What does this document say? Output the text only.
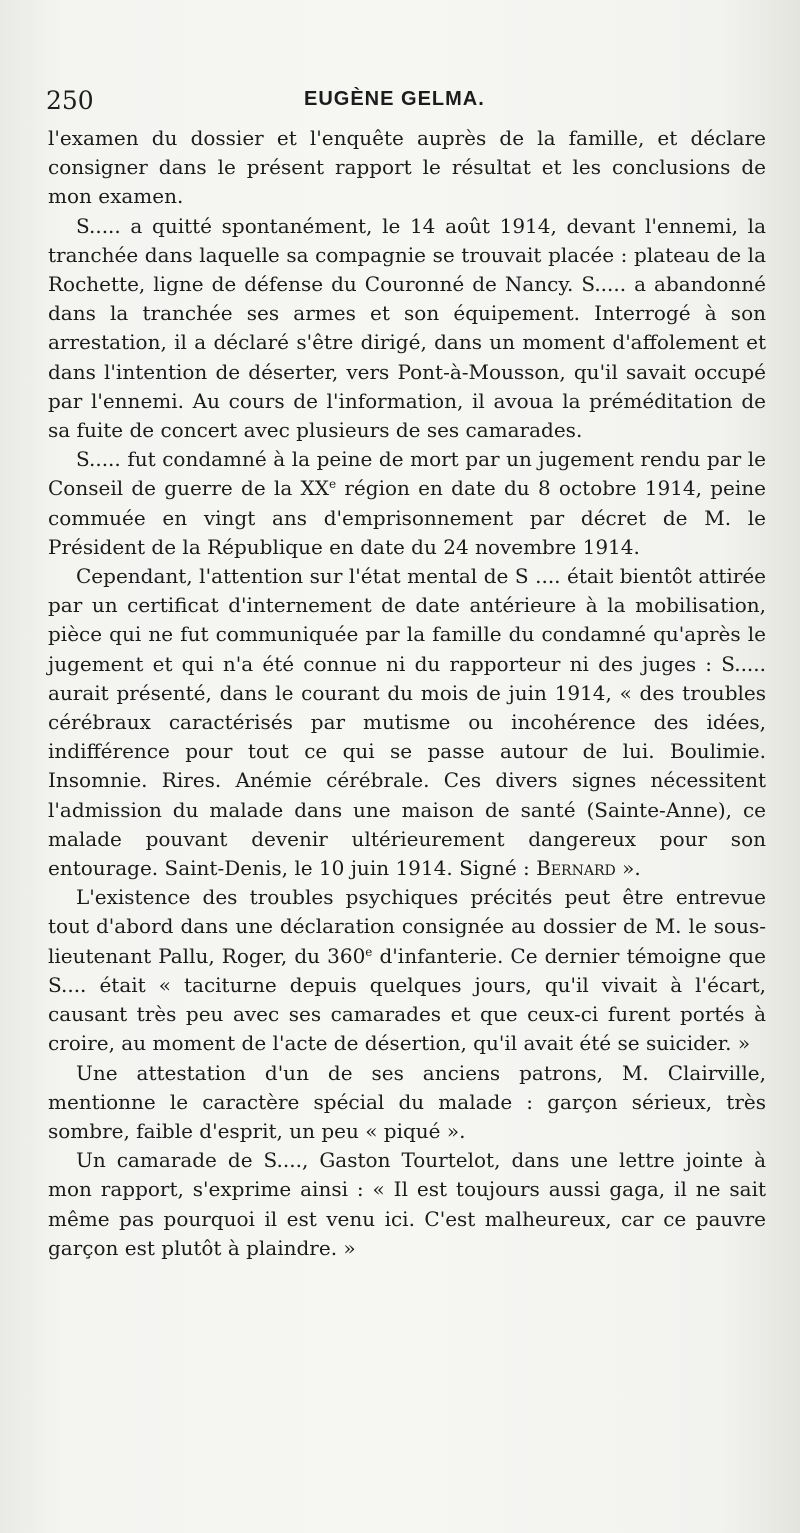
250	EUGÈNE GELMA.

l'examen du dossier et l'enquête auprès de la famille, et déclare consigner dans le présent rapport le résultat et les conclusions de mon examen.

S..... a quitté spontanément, le 14 août 1914, devant l'ennemi, la tranchée dans laquelle sa compagnie se trouvait placée : plateau de la Rochette, ligne de défense du Couronné de Nancy. S..... a abandonné dans la tranchée ses armes et son équipement. Interrogé à son arrestation, il a déclaré s'être dirigé, dans un moment d'affolement et dans l'intention de déserter, vers Pont-à-Mousson, qu'il savait occupé par l'ennemi. Au cours de l'information, il avoua la préméditation de sa fuite de concert avec plusieurs de ses camarades.

S..... fut condamné à la peine de mort par un jugement rendu par le Conseil de guerre de la XXe région en date du 8 octobre 1914, peine commuée en vingt ans d'emprisonnement par décret de M. le Président de la République en date du 24 novembre 1914.

Cependant, l'attention sur l'état mental de S .... était bientôt attirée par un certificat d'internement de date antérieure à la mobilisation, pièce qui ne fut communiquée par la famille du condamné qu'après le jugement et qui n'a été connue ni du rapporteur ni des juges : S..... aurait présenté, dans le courant du mois de juin 1914, « des troubles cérébraux caractérisés par mutisme ou incohérence des idées, indifférence pour tout ce qui se passe autour de lui. Boulimie. Insomnie. Rires. Anémie cérébrale. Ces divers signes nécessitent l'admission du malade dans une maison de santé (Sainte-Anne), ce malade pouvant devenir ultérieurement dangereux pour son entourage. Saint-Denis, le 10 juin 1914. Signé : Bernard ».

L'existence des troubles psychiques précités peut être entrevue tout d'abord dans une déclaration consignée au dossier de M. le sous-lieutenant Pallu, Roger, du 360e d'infanterie. Ce dernier témoigne que S.... était « taciturne depuis quelques jours, qu'il vivait à l'écart, causant très peu avec ses camarades et que ceux-ci furent portés à croire, au moment de l'acte de désertion, qu'il avait été se suicider. »

Une attestation d'un de ses anciens patrons, M. Clairville, mentionne le caractère spécial du malade : garçon sérieux, très sombre, faible d'esprit, un peu « piqué ».

Un camarade de S...., Gaston Tourtelot, dans une lettre jointe à mon rapport, s'exprime ainsi : « Il est toujours aussi gaga, il ne sait même pas pourquoi il est venu ici. C'est malheureux, car ce pauvre garçon est plutôt à plaindre. »
